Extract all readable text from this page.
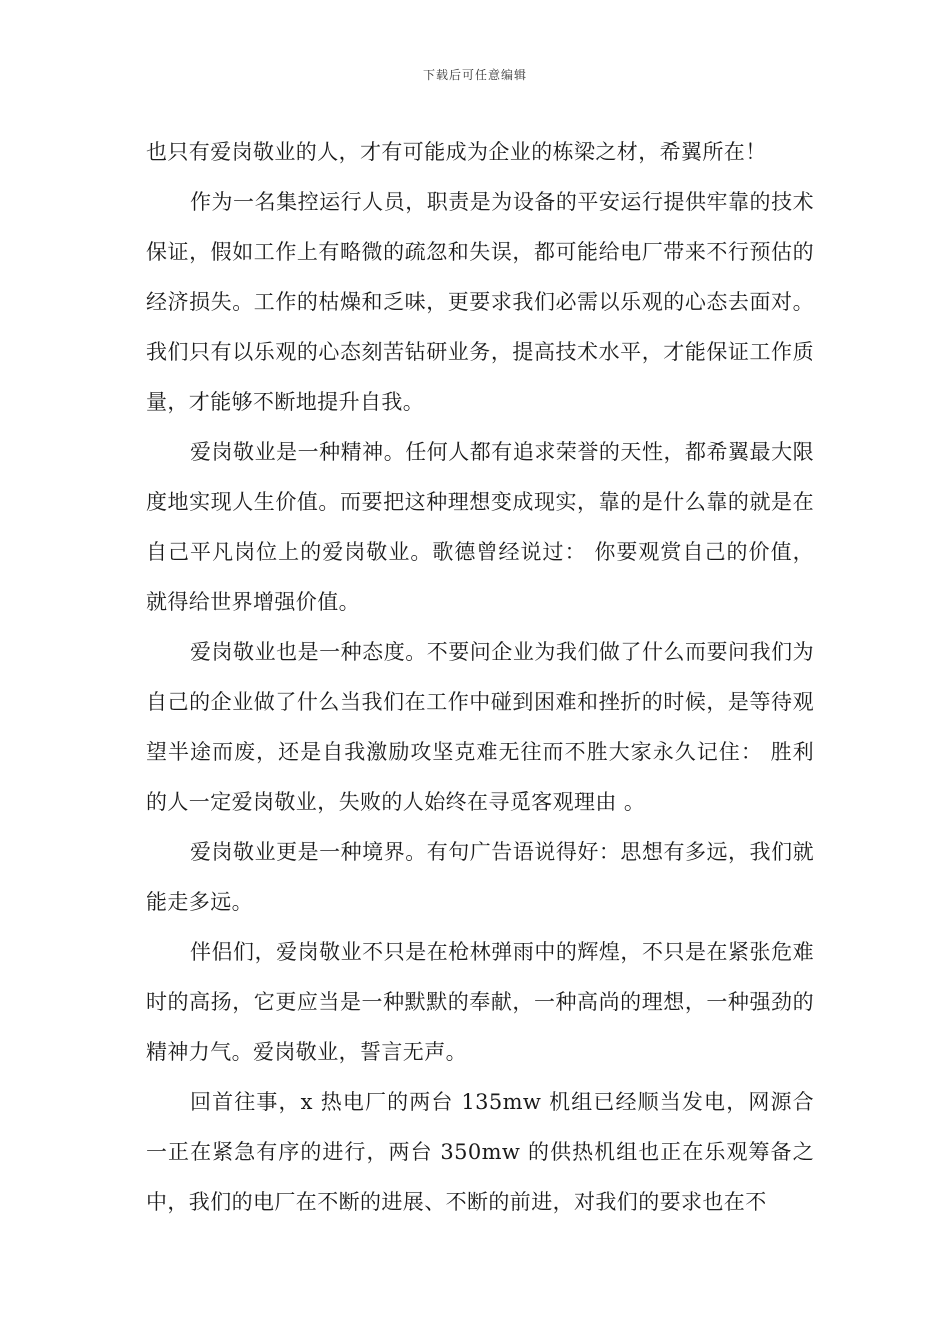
下载后可任意编辑

也只有爱岗敬业的人，才有可能成为企业的栋梁之材，希翼所在！

作为一名集控运行人员，职责是为设备的平安运行提供牢靠的技术保证，假如工作上有略微的疏忽和失误，都可能给电厂带来不行预估的经济损失。工作的枯燥和乏味，更要求我们必需以乐观的心态去面对。我们只有以乐观的心态刻苦钻研业务，提高技术水平，才能保证工作质量，才能够不断地提升自我。

爱岗敬业是一种精神。任何人都有追求荣誉的天性，都希翼最大限度地实现人生价值。而要把这种理想变成现实，靠的是什么靠的就是在自己平凡岗位上的爱岗敬业。歌德曾经说过： 你要观赏自己的价值，就得给世界增强价值。

爱岗敬业也是一种态度。不要问企业为我们做了什么而要问我们为自己的企业做了什么当我们在工作中碰到困难和挫折的时候，是等待观望半途而废，还是自我激励攻坚克难无往而不胜大家永久记住： 胜利的人一定爱岗敬业，失败的人始终在寻觅客观理由 。

爱岗敬业更是一种境界。有句广告语说得好：思想有多远，我们就能走多远。

伴侣们，爱岗敬业不只是在枪林弹雨中的辉煌，不只是在紧张危难时的高扬，它更应当是一种默默的奉献，一种高尚的理想，一种强劲的精神力气。爱岗敬业，誓言无声。

回首往事，x 热电厂的两台 135mw 机组已经顺当发电，网源合一正在紧急有序的进行，两台 350mw 的供热机组也正在乐观筹备之中，我们的电厂在不断的进展、不断的前进，对我们的要求也在不
